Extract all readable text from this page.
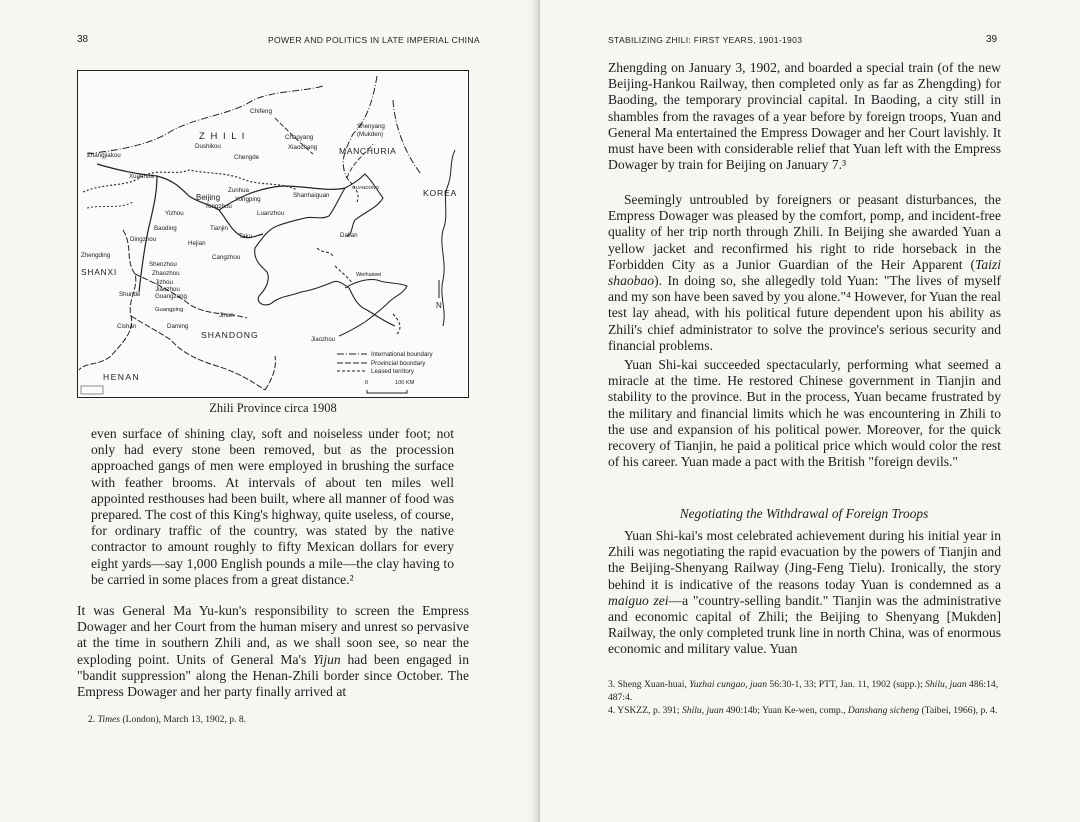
38	POWER AND POLITICS IN LATE IMPERIAL CHINA
Chifeng
Z H I L I	Chaoyang
Shenyang
(Mukden)
Dushikou
Zhangjiakou	Chengde
Xiaochang	MANCHURIA
Xuanhua
Zunhua
Beijing Yongping
Tongzhou
Shanhaiguan
GUANDONG
KOREA
Yizhou	Luanzhou
Baoding	Tianjin
Taku	Dalian
Dingzhou
Hejian
Zhengding	Cangzhou
Shenzhou
SHANXI	Zhaozhou
Jizhou
Weihaiwei
Shunde
Jiaozhou
Guangzong
Guangping
Jinan
Cishan	Daming
SHANDONG	Jiaozhou
HENAN
N
International boundary
Provincial boundary
Leased territory
0	100 KM
Zhili Province circa 1908

even surface of shining clay, soft and noiseless under foot; not only had every stone been removed, but as the procession approached gangs of men were employed in brushing the surface with feather brooms. At intervals of about ten miles well appointed resthouses had been built, where all manner of food was prepared. The cost of this King's highway, quite useless, of course, for ordinary traffic of the country, was stated by the native contractor to amount roughly to fifty Mexican dollars for every eight yards—say 1,000 English pounds a mile—the clay having to be carried in some places from a great distance.²

It was General Ma Yu-kun's responsibility to screen the Empress Dowager and her Court from the human misery and unrest so pervasive at the time in southern Zhili and, as we shall soon see, so near the exploding point. Units of General Ma's Yijun had been engaged in "bandit suppression" along the Henan-Zhili border since October. The Empress Dowager and her party finally arrived at

2. Times (London), March 13, 1902, p. 8.

STABILIZING ZHILI: FIRST YEARS, 1901-1903	39

Zhengding on January 3, 1902, and boarded a special train (of the new Beijing-Hankou Railway, then completed only as far as Zhengding) for Baoding, the temporary provincial capital. In Baoding, a city still in shambles from the ravages of a year before by foreign troops, Yuan and General Ma entertained the Empress Dowager and her Court lavishly. It must have been with considerable relief that Yuan left with the Empress Dowager by train for Beijing on January 7.³

Seemingly untroubled by foreigners or peasant disturbances, the Empress Dowager was pleased by the comfort, pomp, and incident-free quality of her trip north through Zhili. In Beijing she awarded Yuan a yellow jacket and reconfirmed his right to ride horseback in the Forbidden City as a Junior Guardian of the Heir Apparent (Taizi shaobao). In doing so, she allegedly told Yuan: "The lives of myself and my son have been saved by you alone."⁴ However, for Yuan the real test lay ahead, with his political future dependent upon his ability as Zhili's chief administrator to solve the province's serious security and financial problems.

Yuan Shi-kai succeeded spectacularly, performing what seemed a miracle at the time. He restored Chinese government in Tianjin and stability to the province. But in the process, Yuan became frustrated by the military and financial limits which he was encountering in Zhili to the use and expansion of his political power. Moreover, for the quick recovery of Tianjin, he paid a political price which would color the rest of his career. Yuan made a pact with the British "foreign devils."

Negotiating the Withdrawal of Foreign Troops

Yuan Shi-kai's most celebrated achievement during his initial year in Zhili was negotiating the rapid evacuation by the powers of Tianjin and the Beijing-Shenyang Railway (Jing-Feng Tielu). Ironically, the story behind it is indicative of the reasons today Yuan is condemned as a maiguo zei—a "country-selling bandit." Tianjin was the administrative and economic capital of Zhili; the Beijing to Shenyang [Mukden] Railway, the only completed trunk line in north China, was of enormous economic and military value. Yuan

3. Sheng Xuan-huai, Yuzhai cungao, juan 56:30-1, 33; PTT, Jan. 11, 1902 (supp.); Shilu, juan 486:14, 487:4.

4. YSKZZ, p. 391; Shilu, juan 490:14b; Yuan Ke-wen, comp., Danshang sicheng (Taibei, 1966), p. 4.
